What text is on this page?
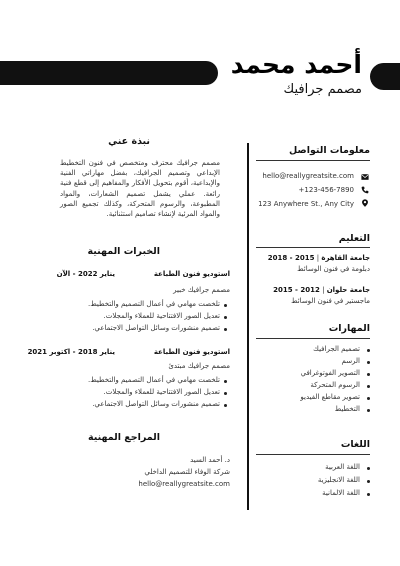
أحمد محمد
مصمم جرافيك
معلومات التواصل
hello@reallygreatsite.com
+123-456-7890
123 Anywhere St., Any City
التعليم
جامعة القاهرة | 2015 - 2018
دبلومة في فنون الوسائط
جامعة حلوان | 2012 - 2015
ماجستير في فنون الوسائط
المهارات
تصميم الجرافيك
الرسم
التصوير الفوتوغرافي
الرسوم المتحركة
تصوير مقاطع الفيديو
التخطيط
اللغات
اللغة العربية
اللغة الانجليزية
اللغة الالمانية
نبذة عني

مصمم جرافيك محترف ومتخصص في فنون التخطيط الإبداعي وتصميم الجرافيك، بفضل مهاراتي الفنية والإبداعية، أقوم بتحويل الأفكار والمفاهيم إلى قطع فنية رائعة. عملي يشمل تصميم الشعارات، والمواد المطبوعة، والرسوم المتحركة، وكذلك تجميع الصور والمواد المرئية لإنشاء تصاميم استثنائية.

الخبرات المهنية
استوديو فنون الطباعة
يناير 2022 - الآن
مصمم جرافيك خبير
تلخصت مهامي في أعمال التصميم والتخطيط.
تعديل الصور الافتتاحية للعملاء والمجلات.
تصميم منشورات وسائل التواصل الاجتماعي.
استوديو فنون الطباعة
يناير 2018 - اكتوبر 2021
مصمم جرافيك مبتدئ
تلخصت مهامي في أعمال التصميم والتخطيط.
تعديل الصور الافتتاحية للعملاء والمجلات.
تصميم منشورات وسائل التواصل الاجتماعي.
المراجع المهنية
د. أحمد السيد
شركة الوفاء للتصميم الداخلي
hello@reallygreatsite.com
